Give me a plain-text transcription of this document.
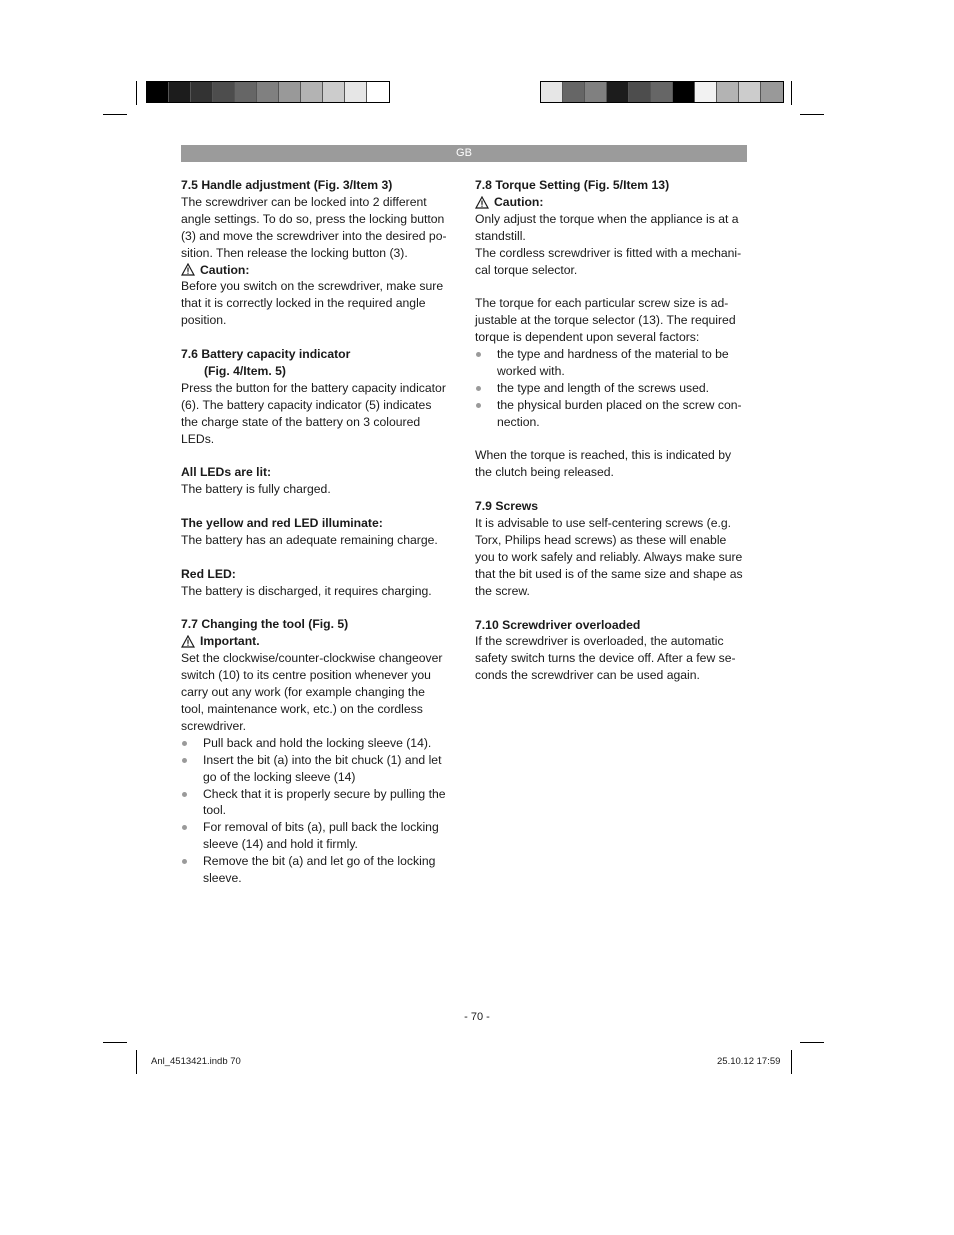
GB
7.5 Handle adjustment (Fig. 3/Item 3)

The screwdriver can be locked into 2 different

angle settings. To do so, press the locking button

(3) and move the screwdriver into the desired po-

sition. Then release the locking button (3).

Caution:

Before you switch on the screwdriver, make sure

that it is correctly locked in the required angle

position.

7.6 Battery capacity indicator
(Fig. 4/Item. 5)

Press the button for the battery capacity indicator

(6). The battery capacity indicator (5) indicates

the charge state of the battery on 3 coloured

LEDs.

All LEDs are lit:

The battery is fully charged.

The yellow and red LED illuminate:

The battery has an adequate remaining charge.

Red LED:

The battery is discharged, it requires charging.

7.7 Changing the tool (Fig. 5)
Important.

Set the clockwise/counter-clockwise changeover

switch (10) to its centre position whenever you

carry out any work (for example changing the

tool, maintenance work, etc.) on the cordless

screwdriver.

Pull back and hold the locking sleeve (14).
Insert the bit (a) into the bit chuck (1) and let
go of the locking sleeve (14)
Check that it is properly secure by pulling the
tool.
For removal of bits (a), pull back the locking
sleeve (14) and hold it firmly.
Remove the bit (a) and let go of the locking
sleeve.
7.8 Torque Setting (Fig. 5/Item 13)
Caution:

Only adjust the torque when the appliance is at a

standstill.

The cordless screwdriver is fitted with a mechani-

cal torque selector.

The torque for each particular screw size is ad-

justable at the torque selector (13). The required

torque is dependent upon several factors:

the type and hardness of the material to be
worked with.
the type and length of the screws used.
the physical burden placed on the screw con-
nection.

When the torque is reached, this is indicated by

the clutch being released.

7.9 Screws

It is advisable to use self-centering screws (e.g.

Torx, Philips head screws) as these will enable

you to work safely and reliably. Always make sure

that the bit used is of the same size and shape as

the screw.

7.10 Screwdriver overloaded

If the screwdriver is overloaded, the automatic

safety switch turns the device off. After a few se-

conds the screwdriver can be used again.

- 70 -
Anl_4513421.indb 70	25.10.12 17:59
